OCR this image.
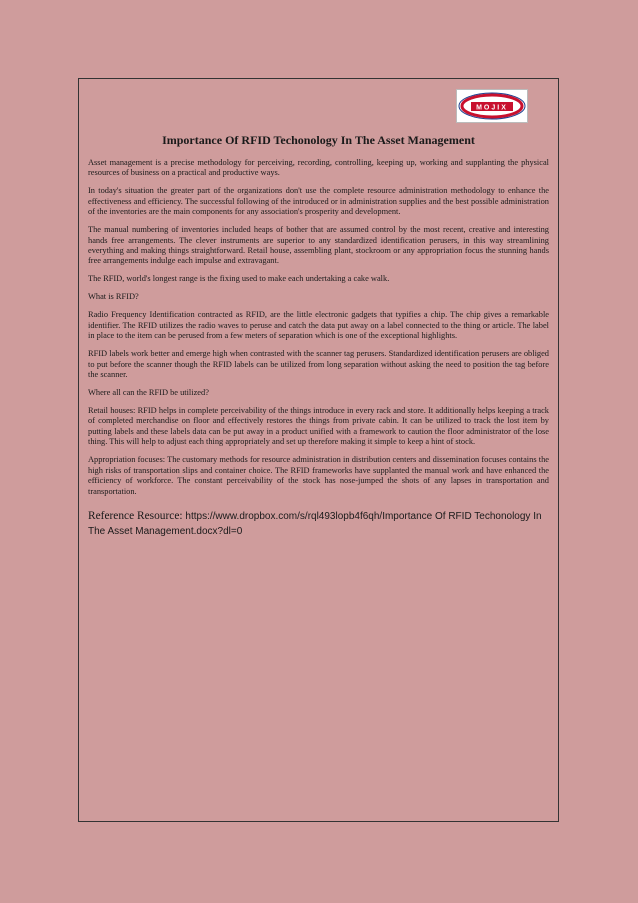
MOJIX
Importance Of RFID Techonology In The Asset Management

Asset management is a precise methodology for perceiving, recording, controlling, keeping up, working and supplanting the physical resources of business on a practical and productive ways.

In today's situation the greater part of the organizations don't use the complete resource administration methodology to enhance the effectiveness and efficiency. The successful following of the introduced or in administration supplies and the best possible administration of the inventories are the main components for any association's prosperity and development.

The manual numbering of inventories included heaps of bother that are assumed control by the most recent, creative and interesting hands free arrangements. The clever instruments are superior to any standardized identification perusers, in this way streamlining everything and making things straightforward. Retail house, assembling plant, stockroom or any appropriation focus the stunning hands free arrangements indulge each impulse and extravagant.

The RFID, world's longest range is the fixing used to make each undertaking a cake walk.

What is RFID?

Radio Frequency Identification contracted as RFID, are the little electronic gadgets that typifies a chip. The chip gives a remarkable identifier. The RFID utilizes the radio waves to peruse and catch the data put away on a label connected to the thing or article. The label in place to the item can be perused from a few meters of separation which is one of the exceptional highlights.

RFID labels work better and emerge high when contrasted with the scanner tag perusers. Standardized identification perusers are obliged to put before the scanner though the RFID labels can be utilized from long separation without asking the need to position the tag before the scanner.

Where all can the RFID be utilized?

Retail houses: RFID helps in complete perceivability of the things introduce in every rack and store. It additionally helps keeping a track of completed merchandise on floor and effectively restores the things from private cabin. It can be utilized to track the lost item by putting labels and these labels data can be put away in a product unified with a framework to caution the floor administrator of the lose thing. This will help to adjust each thing appropriately and set up therefore making it simple to keep a hint of stock.

Appropriation focuses: The customary methods for resource administration in distribution centers and dissemination focuses contains the high risks of transportation slips and container choice. The RFID frameworks have supplanted the manual work and have enhanced the efficiency of workforce. The constant perceivability of the stock has nose-jumped the shots of any lapses in transportation and transportation.

Reference Resource: https://www.dropbox.com/s/rql493lopb4f6qh/Importance Of RFID Techonology In The Asset Management.docx?dl=0
